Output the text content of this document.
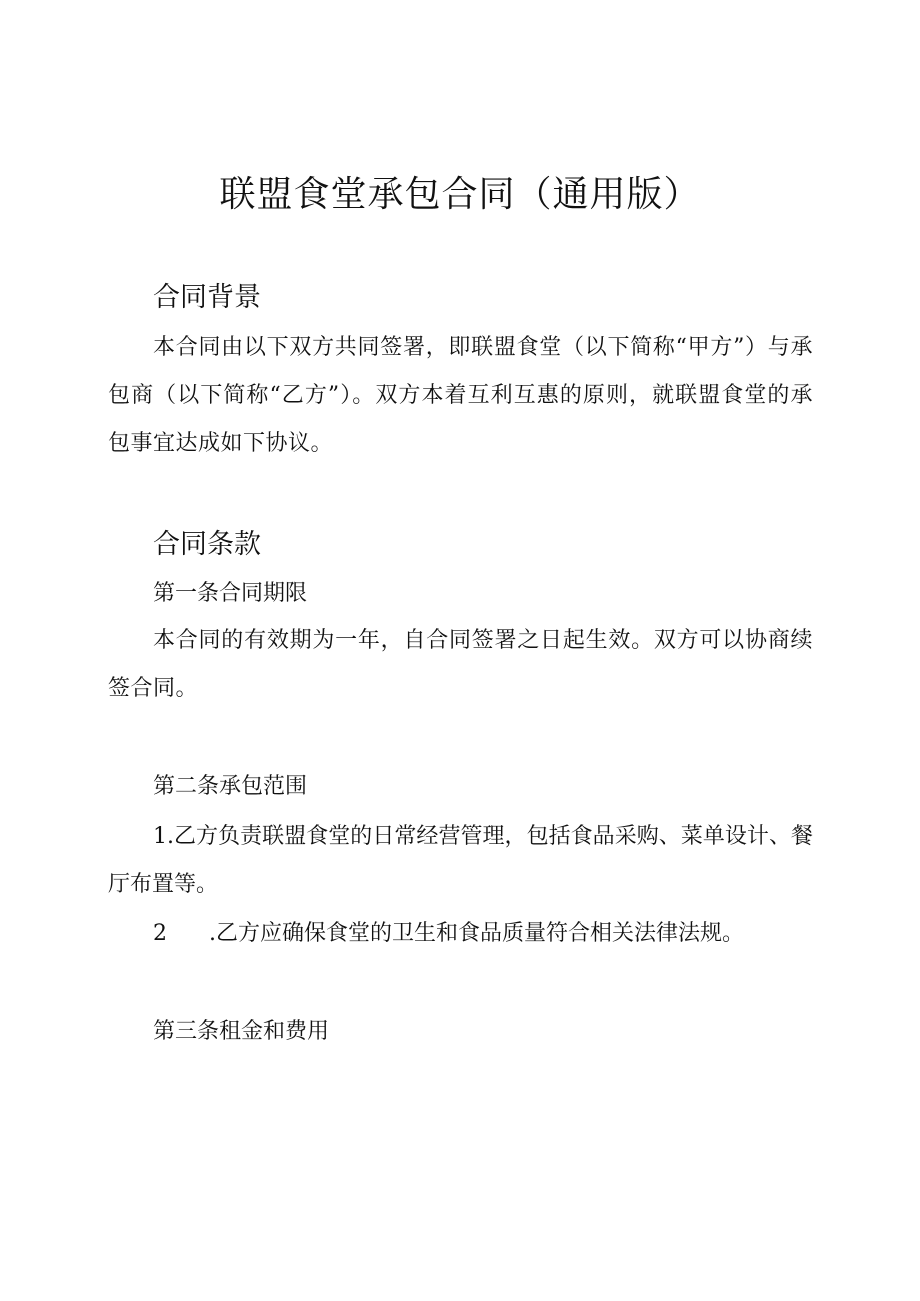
联盟食堂承包合同（通用版）
合同背景

本合同由以下双方共同签署，即联盟食堂（以下简称“甲方”）与承包商（以下简称“乙方”）。双方本着互利互惠的原则，就联盟食堂的承包事宜达成如下协议。

合同条款
第一条合同期限

本合同的有效期为一年，自合同签署之日起生效。双方可以协商续签合同。

第二条承包范围

1.乙方负责联盟食堂的日常经营管理，包括食品采购、菜单设计、餐厅布置等。

2 .乙方应确保食堂的卫生和食品质量符合相关法律法规。

第三条租金和费用
